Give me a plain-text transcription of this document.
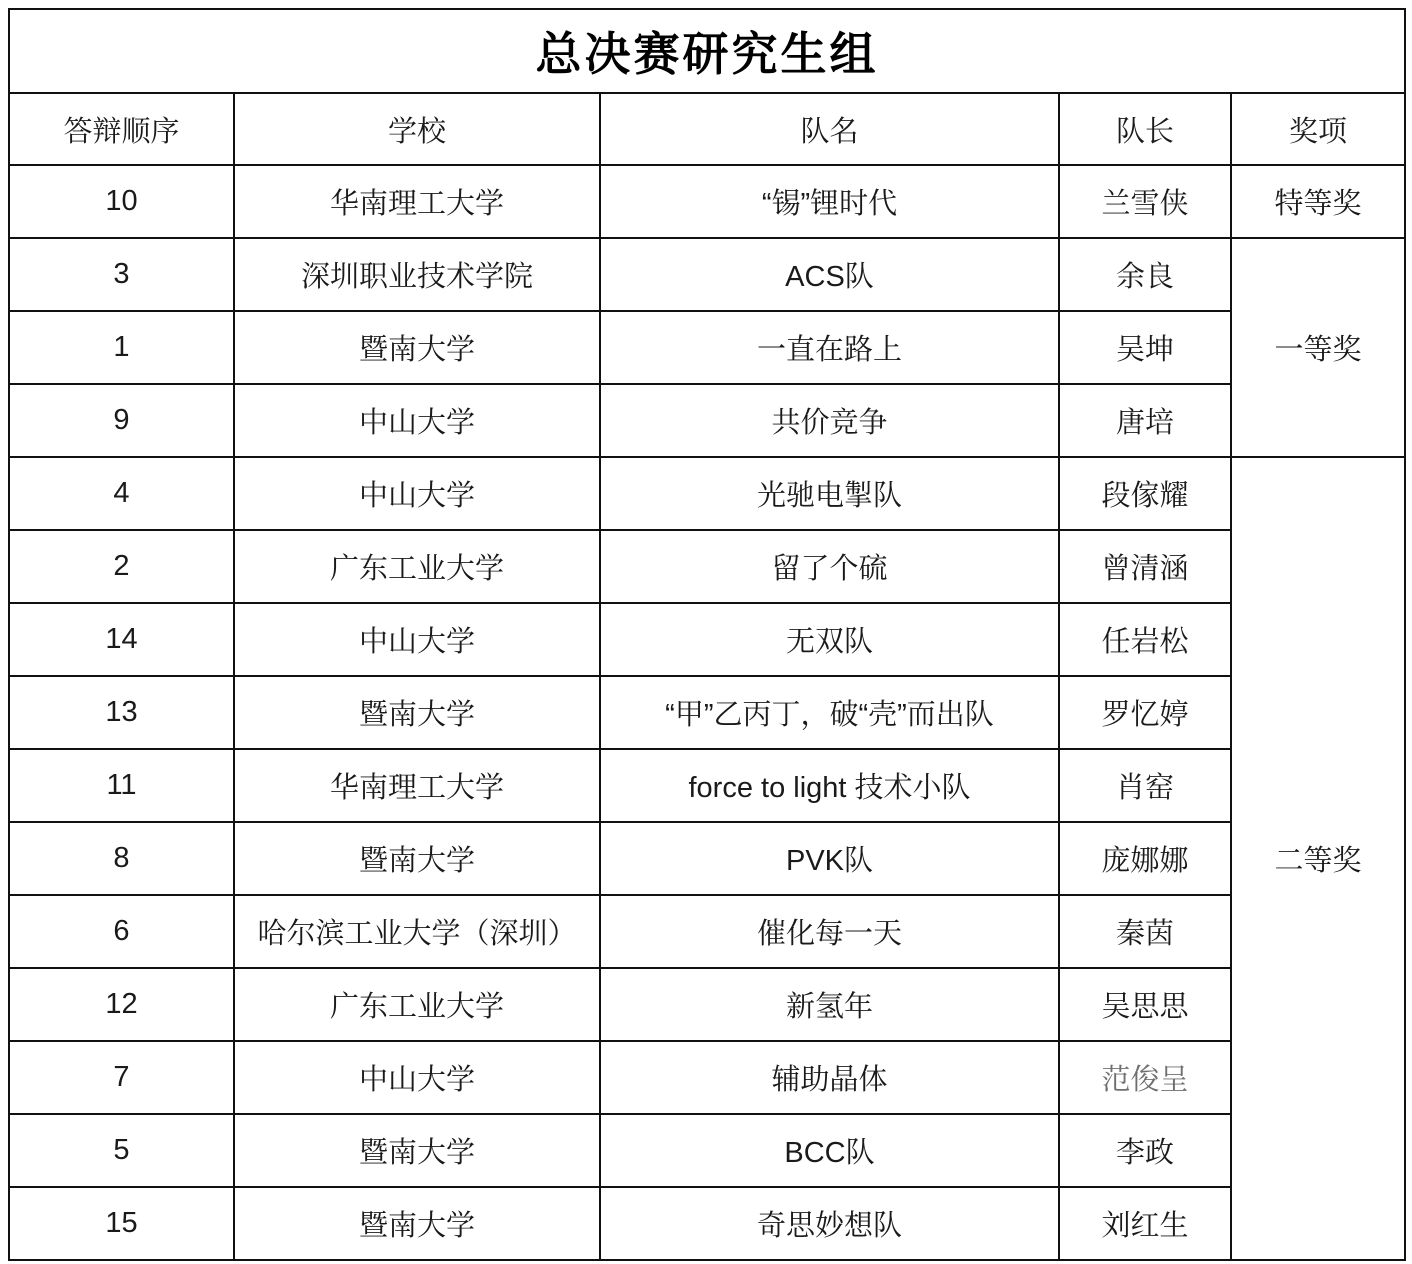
总决赛研究生组				
答辩顺序	学校	队名	队长	奖项
10	华南理工大学	“锡”锂时代	兰雪侠	特等奖
3	深圳职业技术学院	ACS队	余良	一等奖
1	暨南大学	一直在路上	吴坤	
9	中山大学	共价竞争	唐培	
4	中山大学	光驰电掣队	段傢耀	二等奖
2	广东工业大学	留了个硫	曾清涵	
14	中山大学	无双队	任岩松	
13	暨南大学	“甲”乙丙丁，破“壳”而出队	罗忆婷	
11	华南理工大学	force to light 技术小队	肖窑	
8	暨南大学	PVK队	庞娜娜	
6	哈尔滨工业大学（深圳）	催化每一天	秦茵	
12	广东工业大学	新氢年	吴思思	
7	中山大学	辅助晶体	范俊呈	
5	暨南大学	BCC队	李政	
15	暨南大学	奇思妙想队	刘红生	
